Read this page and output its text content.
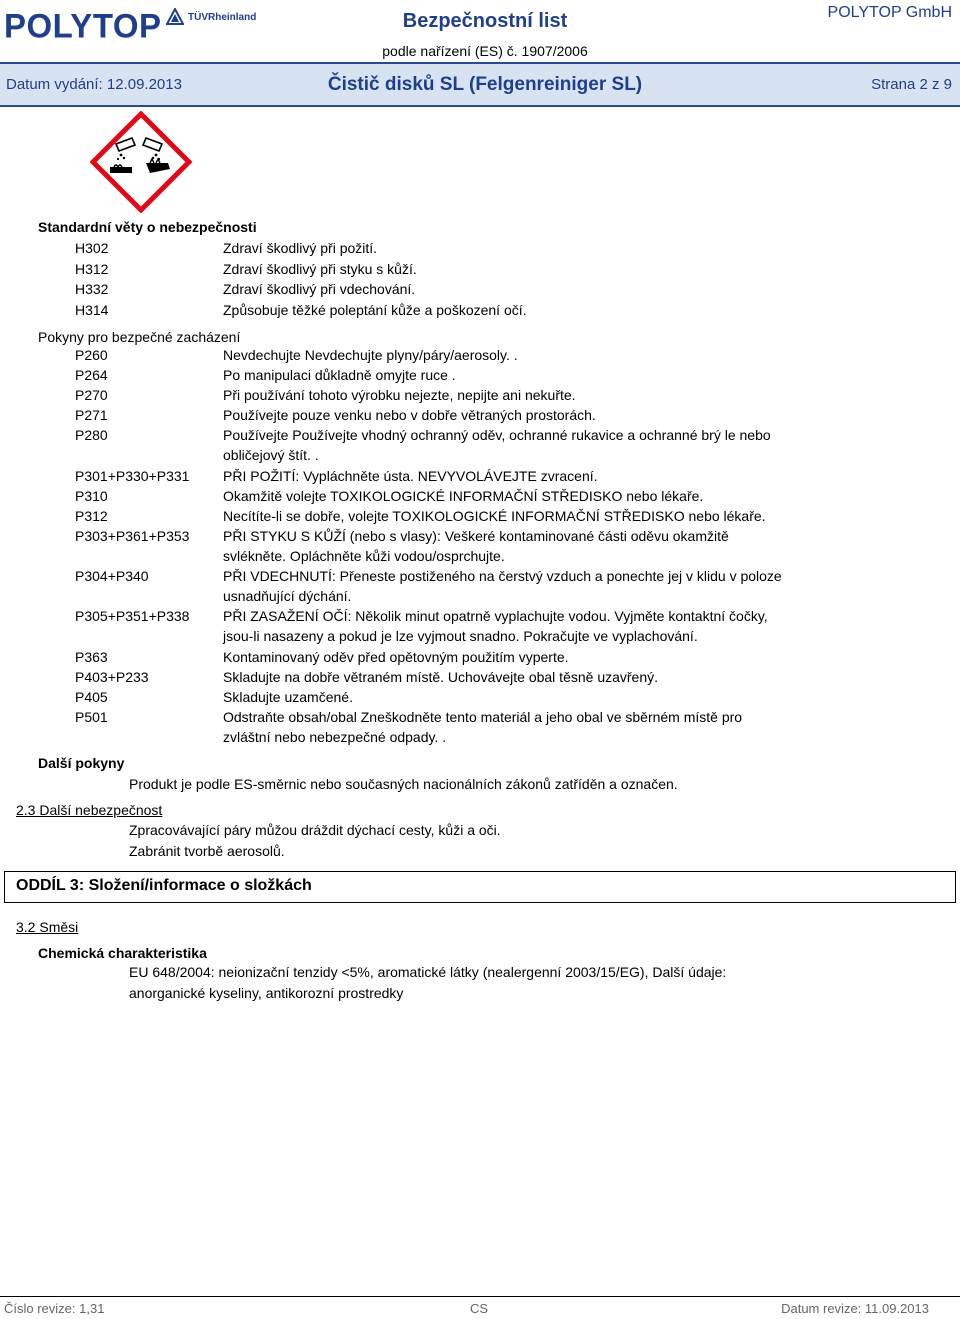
POLYTOP	TÜVRheinland	Bezpečnostní list
podle nařízení (ES) č. 1907/2006
POLYTOP GmbH
Datum vydání: 12.09.2013	Čistič disků SL (Felgenreiniger SL)	Strana 2 z 9
Standardní věty o nebezpečnosti
H302	Zdraví škodlivý při požití.
H312	Zdraví škodlivý při styku s kůží.
H332	Zdraví škodlivý při vdechování.
H314	Způsobuje těžké poleptání kůže a poškození očí.
Pokyny pro bezpečné zacházení
P260	Nevdechujte Nevdechujte plyny/páry/aerosoly. .
P264	Po manipulaci důkladně omyjte ruce .
P270	Při používání tohoto výrobku nejezte, nepijte ani nekuřte.
P271	Používejte pouze venku nebo v dobře větraných prostorách.
P280	Používejte Používejte vhodný ochranný oděv, ochranné rukavice a ochranné brý le nebo
obličejový štít. .
P301+P330+P331 PŘI POŽITÍ: Vypláchněte ústa. NEVYVOLÁVEJTE zvracení.
P310	Okamžitě volejte TOXIKOLOGICKÉ INFORMAČNÍ STŘEDISKO nebo lékaře.
P312	Necítíte-li se dobře, volejte TOXIKOLOGICKÉ INFORMAČNÍ STŘEDISKO nebo lékaře.
P303+P361+P353 PŘI STYKU S KŮŽÍ (nebo s vlasy): Veškeré kontaminované části oděvu okamžitě
svlékněte. Opláchněte kůži vodou/osprchujte.
P304+P340	PŘI VDECHNUTÍ: Přeneste postiženého na čerstvý vzduch a ponechte jej v klidu v poloze
usnadňující dýchání.
P305+P351+P338 PŘI ZASAŽENÍ OČÍ: Několik minut opatrně vyplachujte vodou. Vyjměte kontaktní čočky,
jsou-li nasazeny a pokud je lze vyjmout snadno. Pokračujte ve vyplachování.
P363	Kontaminovaný oděv před opětovným použitím vyperte.
P403+P233	Skladujte na dobře větraném místě. Uchovávejte obal těsně uzavřený.
P405	Skladujte uzamčené.
P501	Odstraňte obsah/obal Zneškodněte tento materiál a jeho obal ve sběrném místě pro
zvláštní nebo nebezpečné odpady. .
Další pokyny
Produkt je podle ES-směrnic nebo současných nacionálních zákonů zatříděn a označen.
2.3 Další nebezpečnost
Zpracovávající páry můžou dráždit dýchací cesty, kůži a oči.
Zabránit tvorbě aerosolů.
ODDÍL 3: Složení/informace o složkách
3.2 Směsi
Chemická charakteristika
EU 648/2004: neionizační tenzidy <5%, aromatické látky (nealergenní 2003/15/EG), Další údaje:
anorganické kyseliny, antikorozní prostredky
Číslo revize: 1,31	CS	Datum revize: 11.09.2013
